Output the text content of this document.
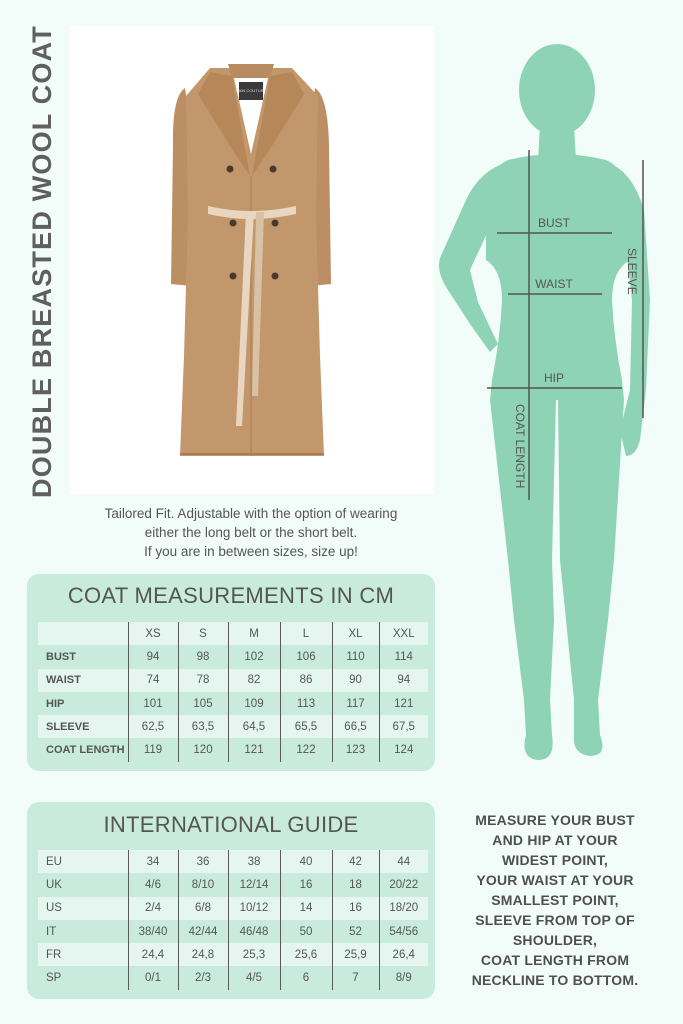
DOUBLE BREASTED WOOL COAT	RAIN COUTURE
Tailored Fit. Adjustable with the option of wearing
either the long belt or the short belt.
If you are in between sizes, size up!
COAT MEASUREMENTS IN CM
	XS	S	M	L	XL	XXL
BUST	94	98	102	106	110	114
WAIST	74	78	82	86	90	94
HIP	101	105	109	113	117	121
SLEEVE	62,5	63,5	64,5	65,5	66,5	67,5
COAT LENGTH	119	120	121	122	123	124
INTERNATIONAL GUIDE
EU	34	36	38	40	42	44
UK	4/6	8/10	12/14	16	18	20/22
US	2/4	6/8	10/12	14	16	18/20
IT	38/40	42/44	46/48	50	52	54/56
FR	24,4	24,8	25,3	25,6	25,9	26,4
SP	0/1	2/3	4/5	6	7	8/9
BUST
WAIST
HIP
SLEEVE
COAT LENGTH
MEASURE YOUR BUST
AND HIP AT YOUR
WIDEST POINT,
YOUR WAIST AT YOUR
SMALLEST POINT,
SLEEVE FROM TOP OF
SHOULDER,
COAT LENGTH FROM
NECKLINE TO BOTTOM.
